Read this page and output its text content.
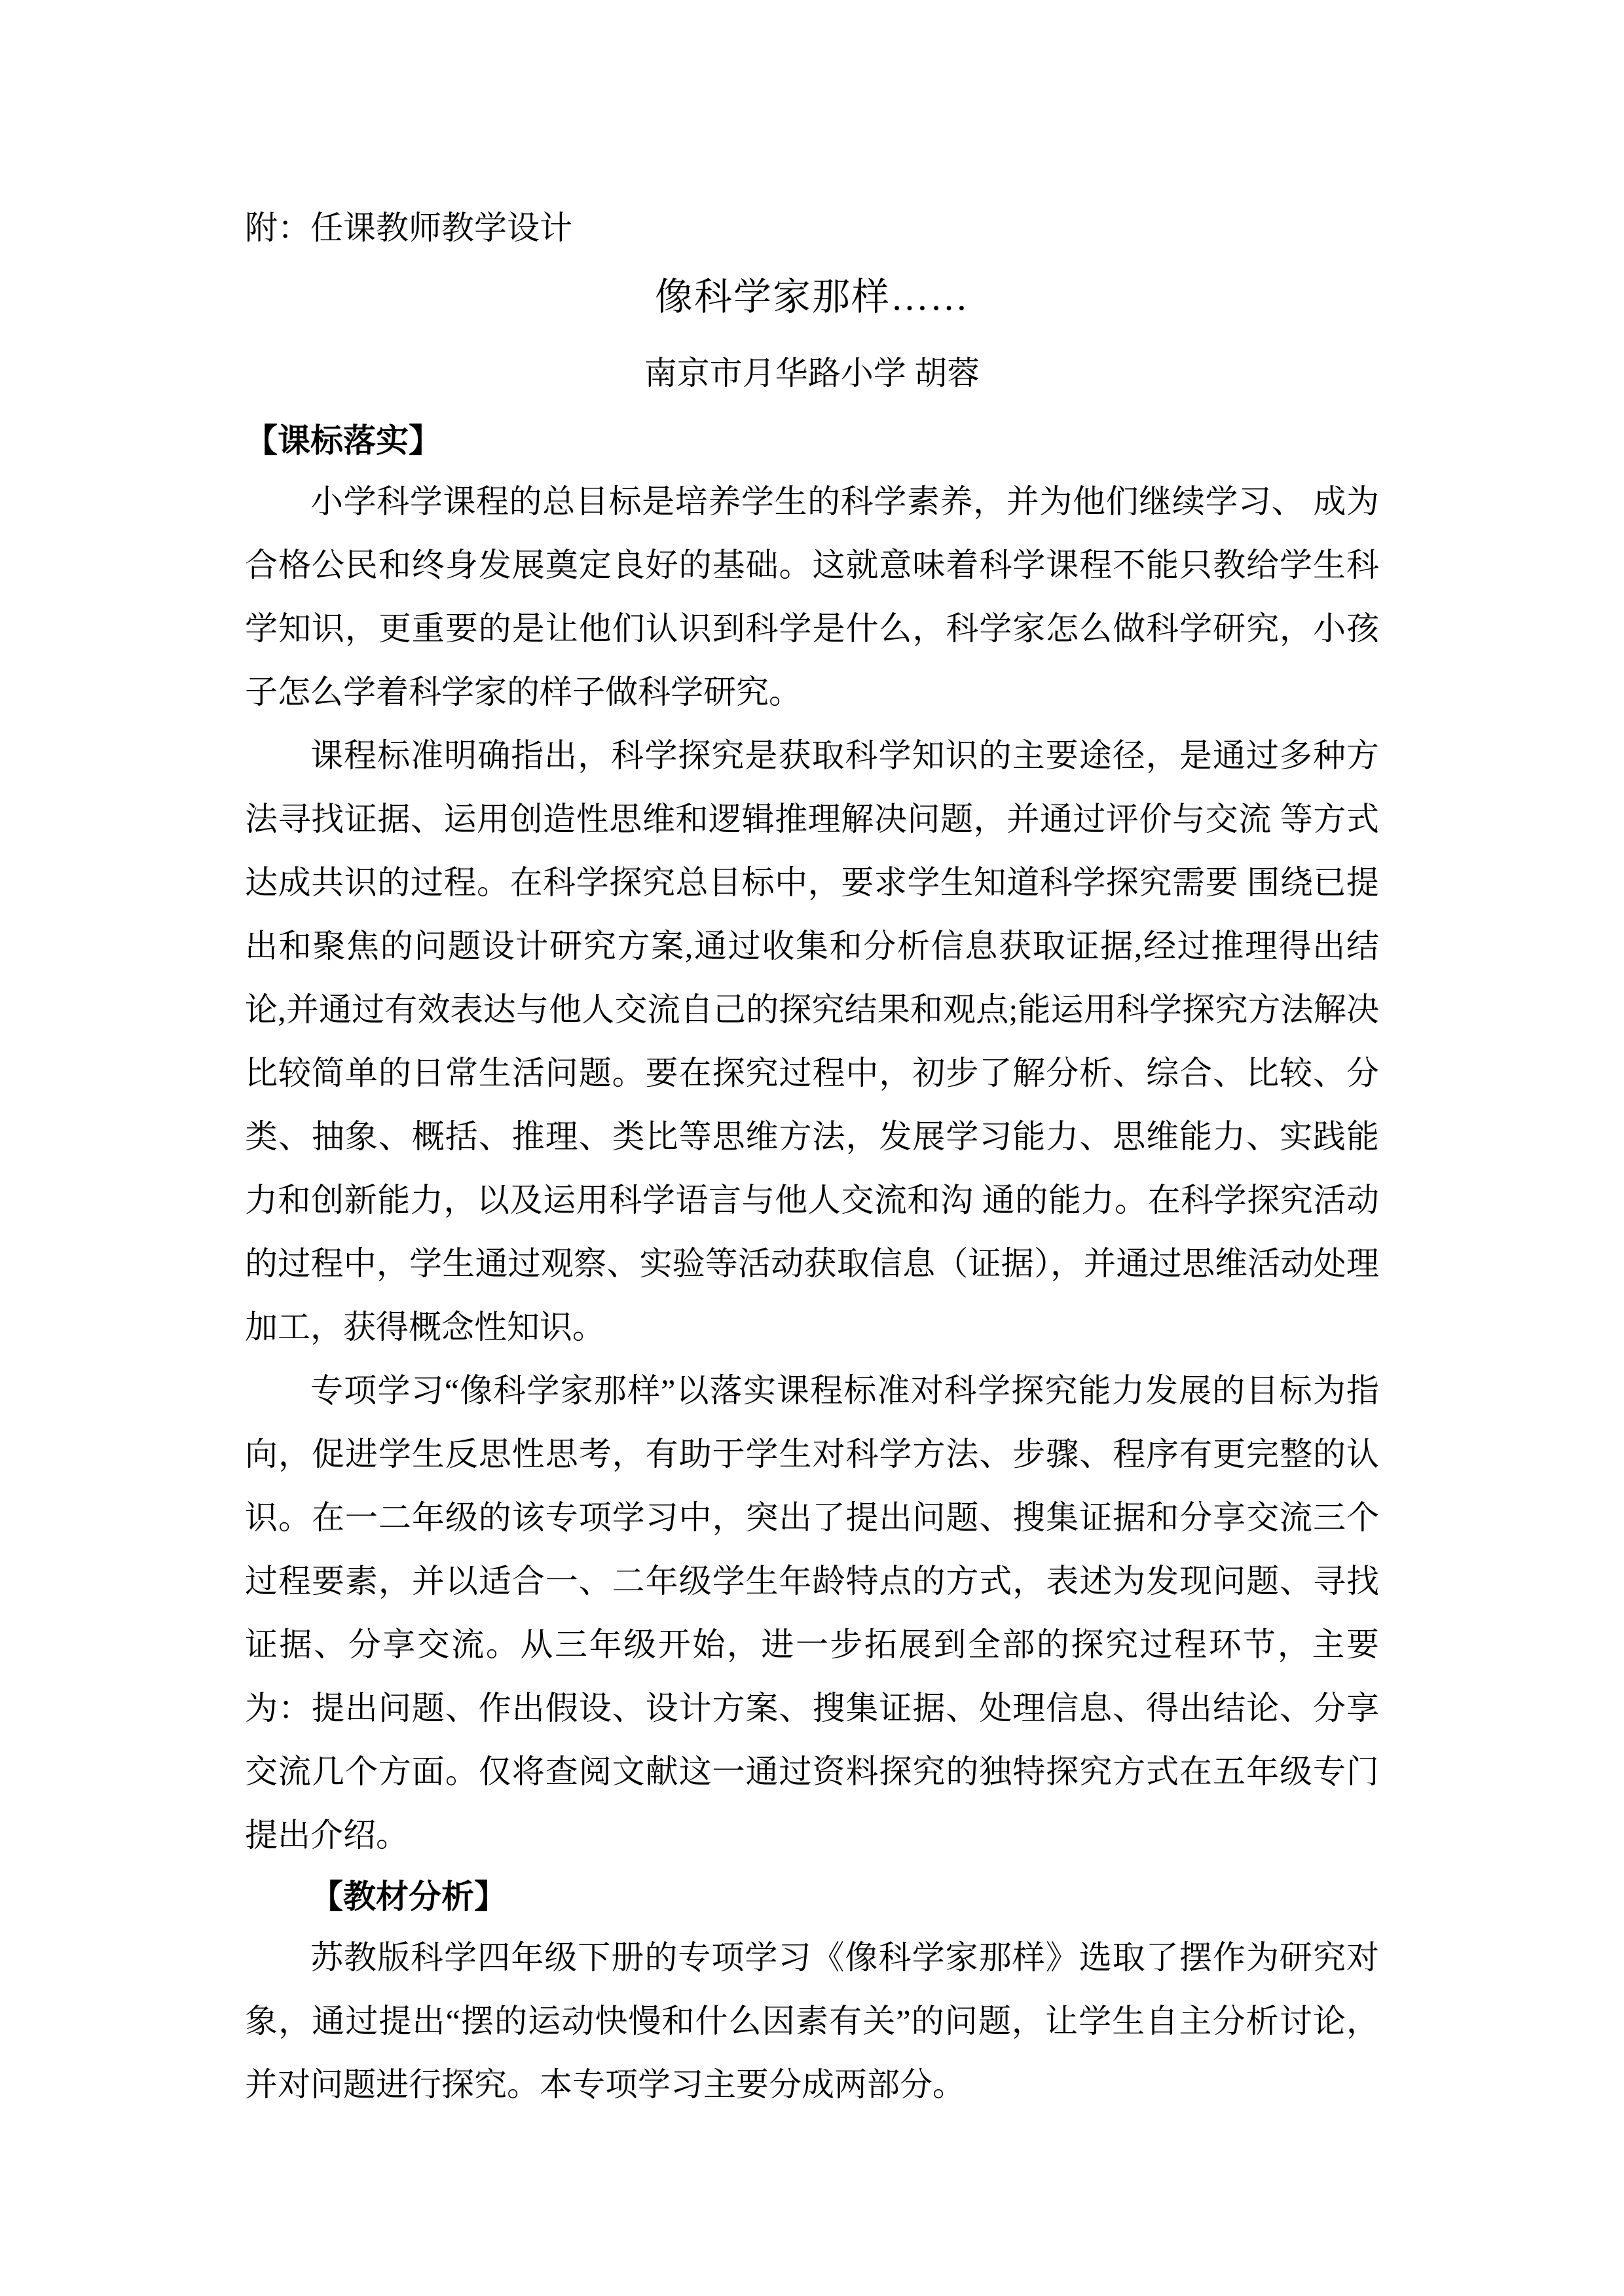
附：任课教师教学设计

像科学家那样……

南京市月华路小学 胡蓉

【课标落实】

小学科学课程的总目标是培养学生的科学素养，并为他们继续学习、 成为合格公民和终身发展奠定良好的基础。这就意味着科学课程不能只教给学生科学知识，更重要的是让他们认识到科学是什么，科学家怎么做科学研究，小孩子怎么学着科学家的样子做科学研究。

课程标准明确指出，科学探究是获取科学知识的主要途径，是通过多种方法寻找证据、运用创造性思维和逻辑推理解决问题，并通过评价与交流 等方式达成共识的过程。在科学探究总目标中，要求学生知道科学探究需要 围绕已提出和聚焦的问题设计研究方案,通过收集和分析信息获取证据,经过推理得出结论,并通过有效表达与他人交流自己的探究结果和观点;能运用科学探究方法解决比较简单的日常生活问题。要在探究过程中，初步了解分析、综合、比较、分类、抽象、概括、推理、类比等思维方法，发展学习能力、思维能力、实践能力和创新能力，以及运用科学语言与他人交流和沟 通的能力。在科学探究活动的过程中，学生通过观察、实验等活动获取信息（证据），并通过思维活动处理加工，获得概念性知识。

专项学习“像科学家那样”以落实课程标准对科学探究能力发展的目标为指向，促进学生反思性思考，有助于学生对科学方法、步骤、程序有更完整的认识。在一二年级的该专项学习中，突出了提出问题、搜集证据和分享交流三个过程要素，并以适合一、二年级学生年龄特点的方式，表述为发现问题、寻找证据、分享交流。从三年级开始，进一步拓展到全部的探究过程环节，主要为：提出问题、作出假设、设计方案、搜集证据、处理信息、得出结论、分享交流几个方面。仅将查阅文献这一通过资料探究的独特探究方式在五年级专门提出介绍。

【教材分析】

苏教版科学四年级下册的专项学习《像科学家那样》选取了摆作为研究对象，通过提出“摆的运动快慢和什么因素有关”的问题，让学生自主分析讨论，并对问题进行探究。本专项学习主要分成两部分。
